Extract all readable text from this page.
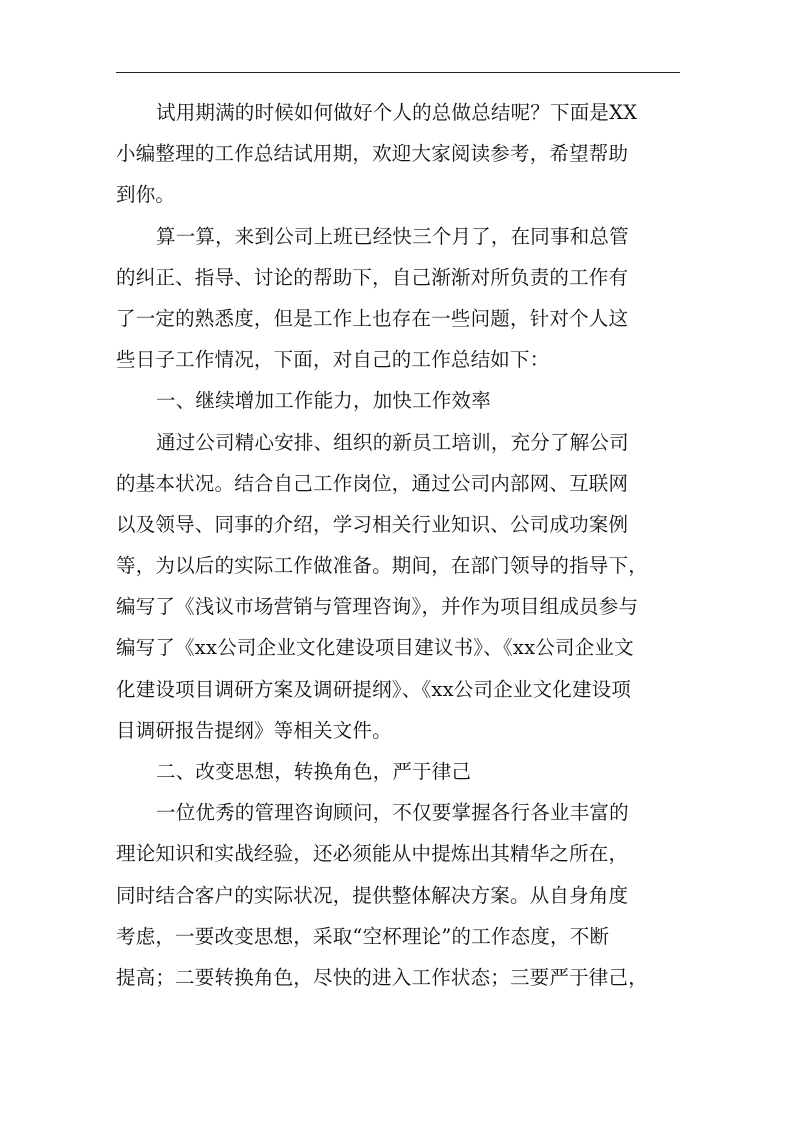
试用期满的时候如何做好个人的总做总结呢？下面是XX
小编整理的工作总结试用期，欢迎大家阅读参考，希望帮助
到你。
算一算，来到公司上班已经快三个月了，在同事和总管
的纠正、指导、讨论的帮助下，自己渐渐对所负责的工作有
了一定的熟悉度，但是工作上也存在一些问题，针对个人这
些日子工作情况，下面，对自己的工作总结如下：
一、继续增加工作能力，加快工作效率
通过公司精心安排、组织的新员工培训，充分了解公司
的基本状况。结合自己工作岗位，通过公司内部网、互联网
以及领导、同事的介绍，学习相关行业知识、公司成功案例
等，为以后的实际工作做准备。期间，在部门领导的指导下，
编写了《浅议市场营销与管理咨询》，并作为项目组成员参与
编写了《xx公司企业文化建设项目建议书》、《xx公司企业文
化建设项目调研方案及调研提纲》、《xx公司企业文化建设项
目调研报告提纲》等相关文件。
二、改变思想，转换角色，严于律己
一位优秀的管理咨询顾问，不仅要掌握各行各业丰富的
理论知识和实战经验，还必须能从中提炼出其精华之所在，
同时结合客户的实际状况，提供整体解决方案。从自身角度
考虑，一要改变思想，采取“空杯理论”的工作态度，不断
提高；二要转换角色，尽快的进入工作状态；三要严于律己，
